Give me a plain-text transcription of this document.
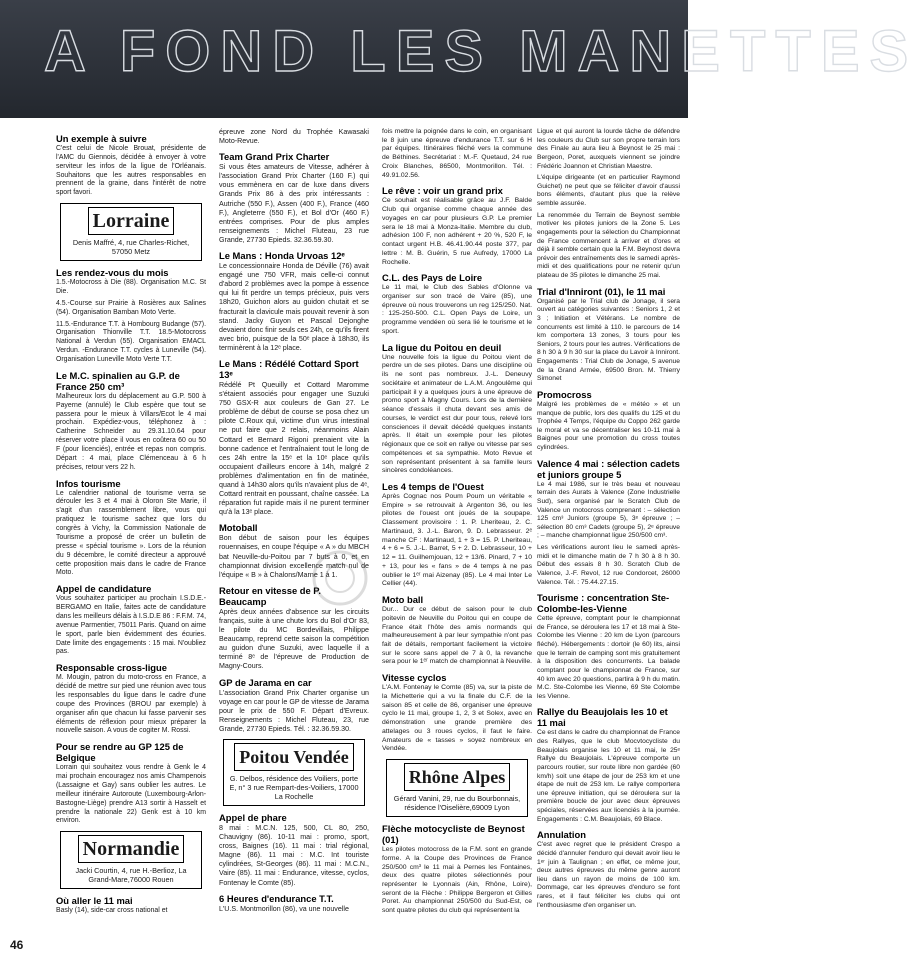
A FOND LES MANETTES
Un exemple à suivre

C'est celui de Nicole Brouat, présidente de l'AMC du Giennois, décidée à envoyer à votre serviteur les infos de la ligue de l'Orléanais. Souhaitons que les autres responsables en prennent de la graine, dans l'intérêt de notre sport favori.

Lorraine
Denis Maffré, 4, rue Charles-Richet, 57050 Metz
Les rendez-vous du mois

1.5.-Motocross à Die (88). Organisation M.C. St Die.

4.5.-Course sur Prairie à Rosières aux Salines (54). Organisation Bamban Moto Verte.

11.5.-Endurance T.T. à Hombourg Budange (57). Organisation Thionville T.T. 18.5-Motocross National à Verdun (55). Organisation EMACL Verdun. -Endurance T.T. cycles à Luneville (54). Organisation Luneville Moto Verte T.T.

Le M.C. spinalien au G.P. de France 250 cm³

Malheureux lors du déplacement au G.P. 500 à Payerne (annulé) le Club espère que tout se passera pour le mieux à Villars/Ecot le 4 mai prochain. Expédiez-vous, téléphonez à : Catherine Schneider au 29.31.10.64 pour réserver votre place il vous en coûtera 60 ou 50 F (pour licenciés), entrée et repas non compris. Départ : 4 mai, place Clémenceau à 6 h précises, retour vers 22 h.

Infos tourisme

Le calendrier national de tourisme verra se dérouler les 3 et 4 mai à Oloron Ste Marie, il s'agit d'un rassemblement libre, vous qui pratiquez le tourisme sachez que lors du congrès à Vichy, la Commission Nationale de Tourisme a proposé de créer un bulletin de presse « spécial tourisme ». Lors de la réunion du 9 décembre, le comité directeur a approuvé cette proposition mais dans le cadre de France Moto.

Appel de candidature

Vous souhaitez participer au prochain I.S.D.E.-BERGAMO en Italie, faites acte de candidature dans les meilleurs délais à I.S.D.E 86 : F.F.M. 74, avenue Parmentier, 75011 Paris. Quand on aime le sport, parle bien évidemment des écuries. Date limite des engagements : 15 mai. N'oubliez pas.

Responsable cross-ligue

M. Mougin, patron du moto-cross en France, a décidé de mettre sur pied une réunion avec tous les responsables du ligue dans le cadre d'une coupe des Provinces (BROU par exemple) à organiser afin que chacun lui fasse parvenir ses éléments de réflexion pour mieux préparer la nouvelle saison. A vous de cogiter M. Rossi.

Pour se rendre au GP 125 de Belgique

Lorrain qui souhaitez vous rendre à Genk le 4 mai prochain encouragez nos amis Champenois (Lassaigne et Gay) sans oublier les autres. Le meilleur itinéraire Autoroute (Luxembourg-Arlon-Bastogne-Liège) prendre A13 sortir à Hasselt et prendre la nationale 22) Genk est à 10 km environ.

Normandie
Jacki Courtin, 4, rue H.-Berlioz, La Grand-Mare,76000 Rouen
Où aller le 11 mai

Basly (14), side-car cross national et

épreuve zone Nord du Trophée Kawasaki Moto-Revue.

Team Grand Prix Charter

Si vous êtes amateurs de Vitesse, adhérer à l'association Grand Prix Charter (160 F.) qui vous emmènera en car de luxe dans divers Grands Prix 86 à des prix intéressants : Autriche (550 F.), Assen (400 F.), France (460 F.), Angleterre (550 F.), et Bol d'Or (460 F.) entrées comprises. Pour de plus amples renseignements : Michel Fluteau, 23 rue Grande, 27730 Epieds. 32.36.59.30.

Le Mans : Honda Urvoas 12ᵉ

Le concessionnaire Honda de Déville (76) avait engagé une 750 VFR, mais celle-ci connut d'abord 2 problèmes avec la pompe à essence qui lui fit perdre un temps précieux, puis vers 18h20, Guichon alors au guidon chutait et se fracturait la clavicule mais pouvait revenir à son stand. Jacky Guyon et Pascal Dejonghe devaient donc finir seuls ces 24h, ce qu'ils firent avec brio, puisque de la 50ᵉ place à 18h30, ils terminèrent à la 12ᵉ place.

Le Mans : Rédélé Cottard Sport 13ᵉ

Rédélé Pt Queuilly et Cottard Maromme s'étaient associés pour engager une Suzuki 750 GSX-R aux couleurs de Gan 27. Le problème de début de course se posa chez un pilote C.Roux qui, victime d'un virus intestinal ne put faire que 2 relais, néanmoins Alain Cottard et Bernard Rigoni prenaient vite la bonne cadence et l'entraînaient tout le long de ces 24h entre la 15ᵉ et la 10ᵉ place qu'ils occupaient d'ailleurs encore à 14h, malgré 2 problèmes d'alimentation en fin de matinée, quand à 14h30 alors qu'ils n'avaient plus de 4ᵉ, Cottard rentrait en poussant, chaîne cassée. La réparation fut rapide mais il ne purent terminer qu'à la 13ᵉ place.

Motoball

Bon début de saison pour les équipes rouennaises, en coupe l'équipe « A » du MBCH bat Neuville-du-Poitou par 7 buts à 0, et en championnat division excellence match nul de l'équipe « B » à Chalons/Marne 1 à 1.

Retour en vitesse de P. Beaucamp

Après deux années d'absence sur les circuits français, suite à une chute lors du Bol d'Or 83, le pilote du MC Bordevillais, Philippe Beaucamp, reprend cette saison la compétition au guidon d'une Suzuki, avec laquelle il a terminé 8ᵉ de l'épreuve de Production de Magny-Cours.

GP de Jarama en car

L'association Grand Prix Charter organise un voyage en car pour le GP de vitesse de Jarama pour le prix de 550 F. Départ d'Evreux. Renseignements : Michel Fluteau, 23, rue Grande, 27730 Epieds. Tél. : 32.36.59.30.

Poitou Vendée
G. Delbos, résidence des Voiliers, porte E, n° 3 rue Rempart-des-Voiliers, 17000 La Rochelle
Appel de phare

8 mai : M.C.N. 125, 500, CL 80, 250, Chauvigny (86). 10-11 mai : promo, sport, cross, Baignes (16). 11 mai : trial régional, Magne (86). 11 mai : M.C. Int touriste cylindrées, St-Georges (86). 11 mai : M.C.N., Vaire (85). 11 mai : Endurance, vitesse, cyclos, Fontenay le Comte (85).

6 Heures d'endurance T.T.

L'U.S. Montmorillon (86), va une nouvelle

fois mettre la poignée dans le coin, en organisant le 8 juin une épreuve d'endurance T.T. sur 6 H par équipes. Itinéraires fléché vers la commune de Béthines. Secrétariat : M.-F. Quetaud, 24 rue Croix Blanches, 86500, Montmorillon. Tél. : 49.91.02.56.

Le rêve : voir un grand prix

Ce souhait est réalisable grâce au J.F. Balde Club qui organise comme chaque année des voyages en car pour plusieurs G.P. Le premier sera le 18 mai à Monza-Italie. Membre du club, adhésion 100 F, non adhérent + 20 %, 520 F, le contact urgent H.B. 46.41.90.44 poste 377, par lettre : M. B. Guérin, 5 rue Aufredy, 17000 La Rochelle.

C.L. des Pays de Loire

Le 11 mai, le Club des Sables d'Olonne va organiser sur son tracé de Vaire (85), une épreuve où nous trouverons un reg 125/250. Nat. : 125-250-500. C.L. Open Pays de Loire, un programme vendéen où sera lié le tourisme et le sport.

La ligue du Poitou en deuil

Une nouvelle fois la ligue du Poitou vient de perdre un de ses pilotes. Dans une discipline où ils ne sont pas nombreux. J.-L. Deneuvy sociétaire et animateur de L.A.M. Angoulême qui participait il y a quelques jours à une épreuve de promo sport à Magny Cours. Lors de la dernière séance d'essais il chuta devant ses amis de courses, le verdict est dur pour tous, relevé lors consciences il devait décédé quelques instants après. Il était un exemple pour les pilotes régionaux que ce soit en rallye ou vitesse par ses compétences et sa sympathie. Moto Revue et son représentant présentent à sa famille leurs sincères condoléances.

Les 4 temps de l'Ouest

Après Cognac nos Poum Poum un véritable « Empire » se retrouvait à Argenton 36, ou les pilotes de l'ouest ont joués de la soupape. Classement provisoire : 1. P. Lheriteau, 2. C. Martinaud, 3. J.-L. Baron, 9. D. Lebrasseur. 2ᵉ manche CF : Martinaud, 1 + 3 = 15. P. Lheriteau, 4 + 6 = 5. J.-L. Barret, 5 + 2. D. Lebrasseur, 10 + 12 = 11. Guilhemjouan, 12 + 13/6. Pinard, 7 + 10 + 13, pour les « fans » de 4 temps à ne pas oublier le 1ᵉʳ mai Aizenay (85). Le 4 mai Inter Le Cellier (44).

Moto ball

Dur... Dur ce début de saison pour le club poitevin de Neuville du Poitou qui en coupe de France était l'hôte des amis normands qui malheureusement à par leur sympathie n'ont pas fait de détails, remportant facilement la victoire sur le score sans appel de 7 à 0, la revanche sera pour le 1ᵉʳ match de championnat à Neuville.

Vitesse cyclos

L'A.M. Fontenay le Comte (85) va, sur la piste de la Michetterie qui a vu la finale du C.F. de la saison 85 et celle de 86, organiser une épreuve cyclo le 11 mai, groupe 1, 2, 3 et Solex, avec en démonstration une grande première des attelages ou 3 roues cyclos, il faut le faire. Amateurs de « tasses » soyez nombreux en Vendée.

Rhône Alpes
Gérard Vanini, 29, rue du Bourbonnais, résidence l'Oiselière,69009 Lyon
Flèche motocycliste de Beynost (01)

Les pilotes motocross de la F.M. sont en grande forme. A la Coupe des Provinces de France 250/500 cm³ le 11 mai à Pernes les Fontaines, deux des quatre pilotes sélectionnés pour représenter le Lyonnais (Ain, Rhône, Loire), seront de la Flèche : Philippe Bergeron et Gilles Poret. Au championnat 250/500 du Sud-Est, ce sont quatre pilotes du club qui représentent la

Ligue et qui auront la lourde tâche de défendre les couleurs du Club sur son propre terrain lors des Finale au aura lieu à Beynost le 25 mai : Bergeon, Poret, auxquels viennent se joindre Frédéric Joannon et Christian Maestre.

L'équipe dirigeante (et en particulier Raymond Guichet) ne peut que se féliciter d'avoir d'aussi bons éléments, d'autant plus que la relève semble assurée.

La renommée du Terrain de Beynost semble motiver les pilotes juniors de la Zone 5. Les engagements pour la sélection du Championnat de France commencent à arriver et d'ores et déjà il semble certain que la F.M. Beynost devra prévoir des entraînements des le samedi après-midi et des qualifications pour ne retenir qu'un plateau de 35 pilotes le dimanche 25 mai.

Trial d'Inniront (01), le 11 mai

Organisé par le Trial club de Jonage, il sera ouvert au catégories suivantes : Seniors 1, 2 et 3 ; Initiation et Vétérans. Le nombre de concurrents est limité à 110. le parcours de 14 km comportera 13 zones, 3 tours pour les Seniors, 2 tours pour les autres. Vérifications de 8 h 30 à 9 h 30 sur la place du Lavoir à Inniront. Engagements : Trial Club de Jonage, 5 avenue de la Grand Armée, 69500 Bron. M. Thierry Simonet

Promocross

Malgré les problèmes de « météo » et un manque de public, lors des qualifs du 125 et du Trophée 4 Temps, l'équipe du Coppo 262 garde le moral et va se décentraliser les 10-11 mai à Baignes pour une promotion du cross toutes cylindrées.

Valence 4 mai : sélection cadets et juniors groupe 5

Le 4 mai 1986, sur le très beau et nouveau terrain des Aurats à Valence (Zone Industrielle Sud), sera organisé par le Scratch Club de Valence un motocross comprenant : – sélection 125 cm³ Juniors (groupe 5), 3ᵉ épreuve ; – sélection 80 cm³ Cadets (groupe 5), 2ᵉ épreuve ; – manche championnat ligue 250/500 cm³.

Les vérifications auront lieu le samedi après-midi et le dimanche matin de 7 h 30 à 8 h 30. Début des essais 8 h 30. Scratch Club de Valence, J.-F. Revol, 12 rue Condorcet, 26000 Valence. Tél. : 75.44.27.15.

Tourisme : concentration Ste-Colombe-les-Vienne

Cette épreuve, comptant pour le championnat de France, se déroulera les 17 et 18 mai à Ste-Colombe les Vienne : 20 km de Lyon (parcours fléché). Hébergements : dortoir (le 60) lits, ainsi que le terrain de camping sont mis gratuitement à la disposition des concurrents. La balade comptant pour le championnat de France, sur 40 km avec 20 questions, partira à 9 h du matin. M.C. Ste-Colombe les Vienne, 69 Ste Colombe les Vienne.

Rallye du Beaujolais les 10 et 11 mai

Ce est dans le cadre du championnat de France des Rallyes, que le club Mocvtocycliste du Beaujolais organise les 10 et 11 mai, le 25ᵉ Rallye du Beaujolais. L'épreuve comporte un parcours routier, sur route libre non gardée (60 km/h) soit une étape de jour de 253 km et une étape de nuit de 253 km. Le rallye comportera une épreuve initiation, qui se déroulera sur la première boucle de jour avec deux épreuves spéciales, réservées aux licenciés à la journée. Engagements : C.M. Beaujolais, 69 Blace.

Annulation

C'est avec regret que le président Crespo a décidé d'annuler l'enduro qui devait avoir lieu le 1ᵉʳ juin à Taulignan ; en effet, ce même jour, deux autres épreuves du même genre auront lieu dans un rayon de moins de 100 km. Dommage, car les épreuves d'enduro se font rares, et il faut féliciter les clubs qui ont l'enthousiasme d'en organiser un.

46
